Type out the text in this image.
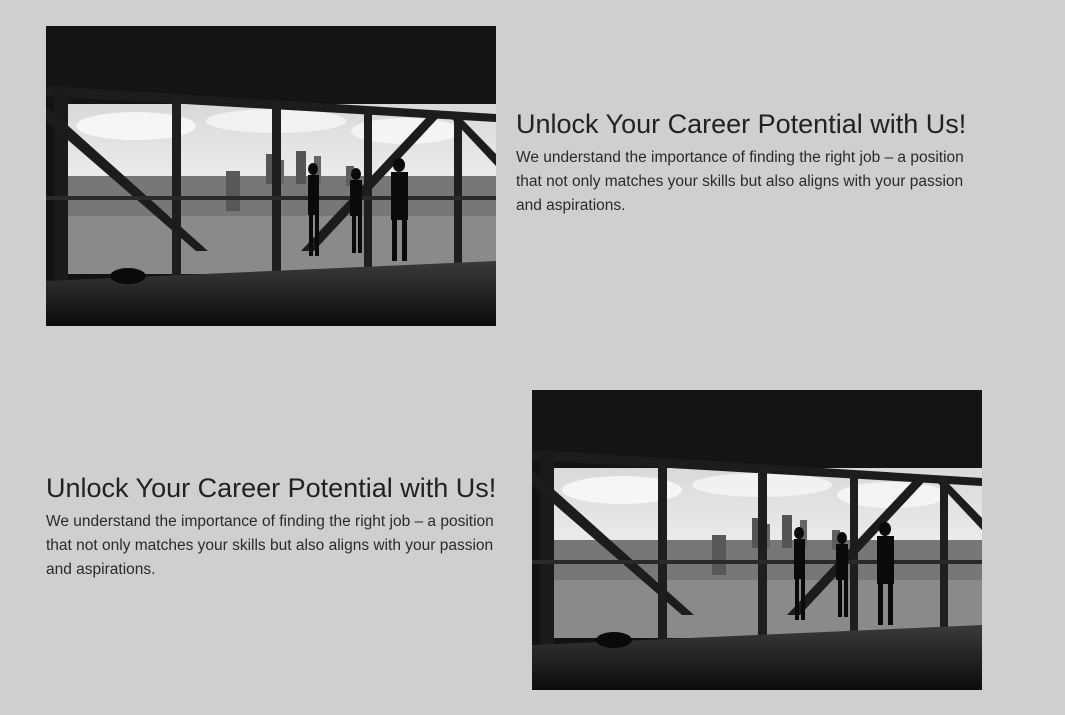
Unlock Your Career Potential with Us!

We understand the importance of finding the right job – a position that not only matches your skills but also aligns with your passion and aspirations.

Unlock Your Career Potential with Us!

We understand the importance of finding the right job – a position that not only matches your skills but also aligns with your passion and aspirations.
